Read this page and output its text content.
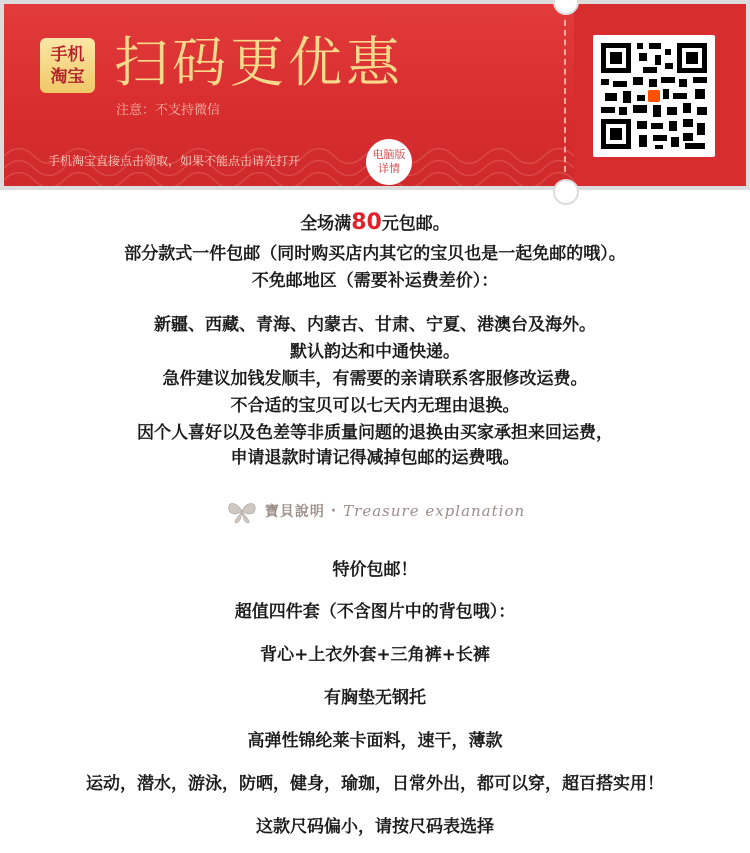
手机
淘宝 扫码更优惠
注意：不支持微信
手机淘宝直接点击领取，如果不能点击请先打开	电脑版
详情
全场满80元包邮。
部分款式一件包邮（同时购买店内其它的宝贝也是一起免邮的哦）。
不免邮地区（需要补运费差价）：
新疆、西藏、青海、内蒙古、甘肃、宁夏、港澳台及海外。
默认韵达和中通快递。
急件建议加钱发顺丰，有需要的亲请联系客服修改运费。
不合适的宝贝可以七天内无理由退换。
因个人喜好以及色差等非质量问题的退换由买家承担来回运费，
申请退款时请记得减掉包邮的运费哦。
寶貝說明 · Treasure explanation
特价包邮！
超值四件套（不含图片中的背包哦）：
背心+上衣外套+三角裤+长裤
有胸垫无钢托
高弹性锦纶莱卡面料，速干，薄款
运动，潜水，游泳，防晒，健身，瑜珈，日常外出，都可以穿，超百搭实用！
这款尺码偏小，请按尺码表选择
